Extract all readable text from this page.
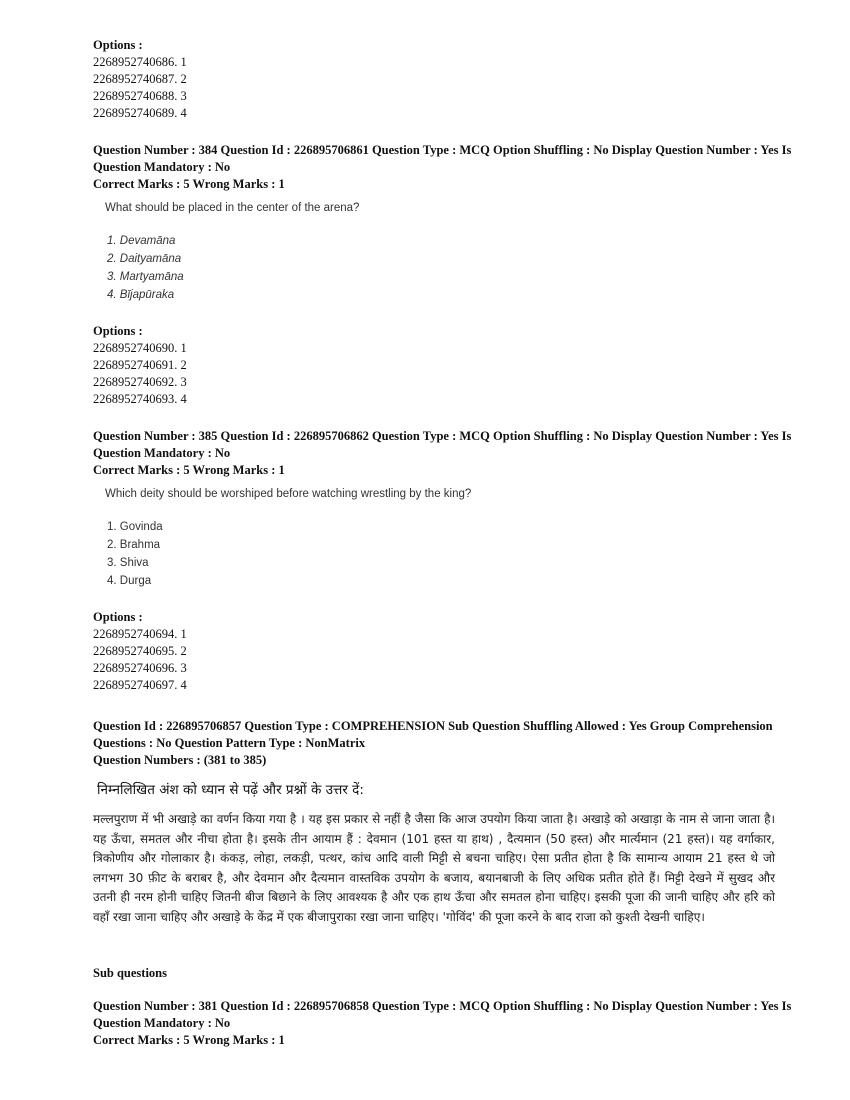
Options :
2268952740686. 1
2268952740687. 2
2268952740688. 3
2268952740689. 4
Question Number : 384 Question Id : 226895706861 Question Type : MCQ Option Shuffling : No Display Question Number : Yes Is
Question Mandatory : No
Correct Marks : 5 Wrong Marks : 1
What should be placed in the center of the arena?
1. Devamāna
2. Daityamāna
3. Martyamāna
4. Bījapūraka
Options :
2268952740690. 1
2268952740691. 2
2268952740692. 3
2268952740693. 4
Question Number : 385 Question Id : 226895706862 Question Type : MCQ Option Shuffling : No Display Question Number : Yes Is
Question Mandatory : No
Correct Marks : 5 Wrong Marks : 1
Which deity should be worshiped before watching wrestling by the king?
1. Govinda
2. Brahma
3. Shiva
4. Durga
Options :
2268952740694. 1
2268952740695. 2
2268952740696. 3
2268952740697. 4
Question Id : 226895706857 Question Type : COMPREHENSION Sub Question Shuffling Allowed : Yes Group Comprehension
Questions : No Question Pattern Type : NonMatrix
Question Numbers : (381 to 385)
निम्नलिखित अंश को ध्यान से पढ़ें और प्रश्नों के उत्तर दें:
मल्लपुराण में भी अखाड़े का वर्णन किया गया है । यह इस प्रकार से नहीं है जैसा कि आज उपयोग किया जाता है। अखाड़े को अखाड़ा के नाम से जाना जाता है। यह ऊँचा, समतल और नीचा होता है। इसके तीन आयाम हैं : देवमान (101 हस्त या हाथ) , दैत्यमान (50 हस्त) और मार्त्यमान (21 हस्त)। यह वर्गाकार, त्रिकोणीय और गोलाकार है। कंकड़, लोहा, लकड़ी, पत्थर, कांच आदि वाली मिट्टी से बचना चाहिए। ऐसा प्रतीत होता है कि सामान्य आयाम 21 हस्त थे जो लगभग 30 फ़ीट के बराबर है, और देवमान और दैत्यमान वास्तविक उपयोग के बजाय, बयानबाजी के लिए अधिक प्रतीत होते हैं। मिट्टी देखने में सुखद और उतनी ही नरम होनी चाहिए जितनी बीज बिछाने के लिए आवश्यक है और एक हाथ ऊँचा और समतल होना चाहिए। इसकी पूजा की जानी चाहिए और हरि को वहाँ रखा जाना चाहिए और अखाड़े के केंद्र में एक बीजापुराका रखा जाना चाहिए। 'गोविंद' की पूजा करने के बाद राजा को कुश्ती देखनी चाहिए।
Sub questions
Question Number : 381 Question Id : 226895706858 Question Type : MCQ Option Shuffling : No Display Question Number : Yes Is
Question Mandatory : No
Correct Marks : 5 Wrong Marks : 1
